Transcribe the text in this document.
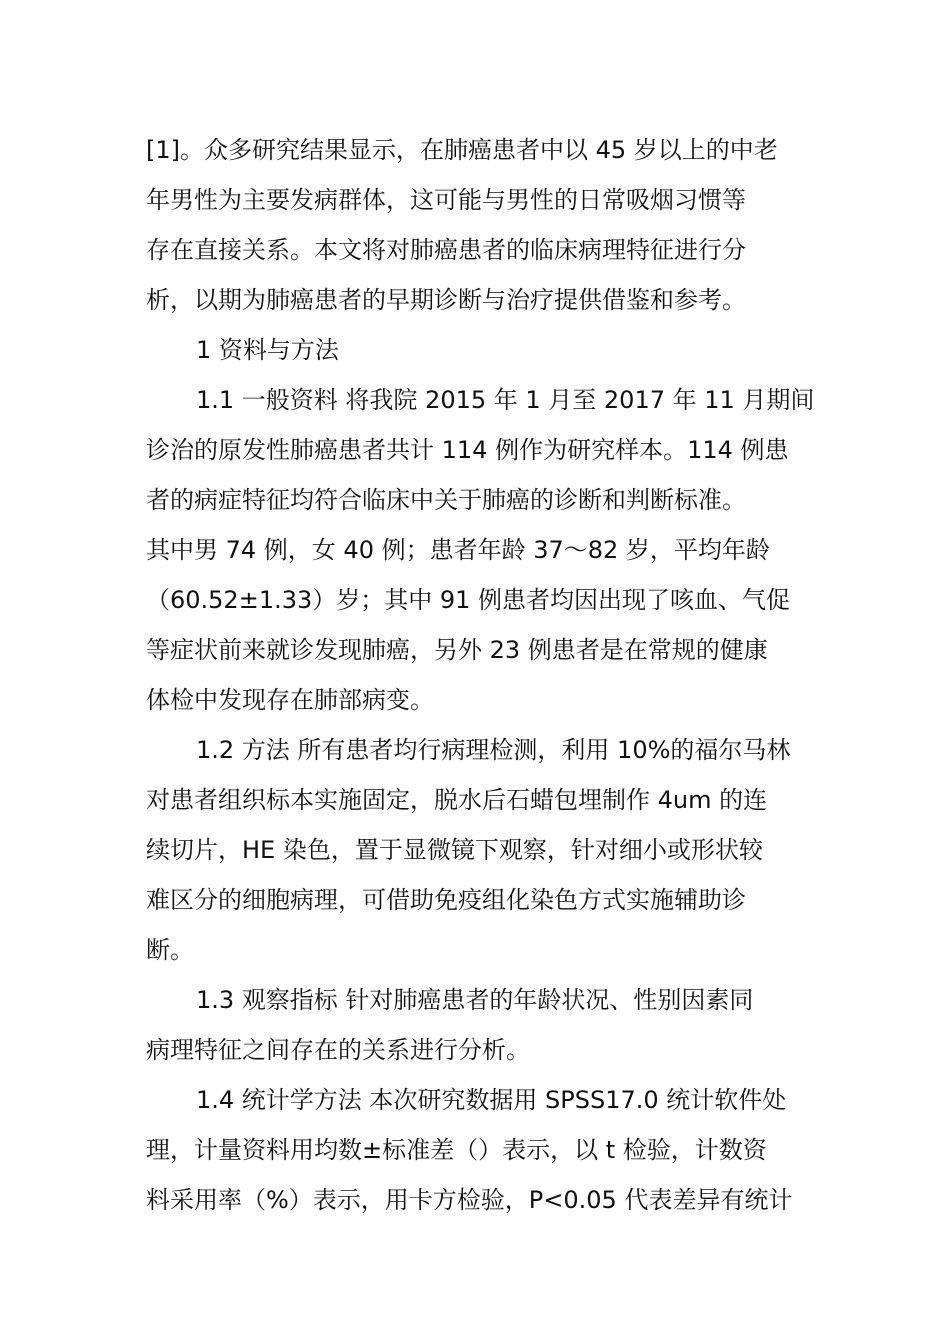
[1]。众多研究结果显示，在肺癌患者中以 45 岁以上的中老
年男性为主要发病群体，这可能与男性的日常吸烟习惯等
存在直接关系。本文将对肺癌患者的临床病理特征进行分
析，以期为肺癌患者的早期诊断与治疗提供借鉴和参考。
1 资料与方法
1.1 一般资料 将我院 2015 年 1 月至 2017 年 11 月期间
诊治的原发性肺癌患者共计 114 例作为研究样本。114 例患
者的病症特征均符合临床中关于肺癌的诊断和判断标准。
其中男 74 例，女 40 例；患者年龄 37～82 岁，平均年龄
（60.52±1.33）岁；其中 91 例患者均因出现了咳血、气促
等症状前来就诊发现肺癌，另外 23 例患者是在常规的健康
体检中发现存在肺部病变。
1.2 方法 所有患者均行病理检测，利用 10%的福尔马林
对患者组织标本实施固定，脱水后石蜡包埋制作 4um 的连
续切片，HE 染色，置于显微镜下观察，针对细小或形状较
难区分的细胞病理，可借助免疫组化染色方式实施辅助诊
断。
1.3 观察指标 针对肺癌患者的年龄状况、性别因素同
病理特征之间存在的关系进行分析。
1.4 统计学方法 本次研究数据用 SPSS17.0 统计软件处
理，计量资料用均数±标准差（）表示，以 t 检验，计数资
料采用率（%）表示，用卡方检验，P<0.05 代表差异有统计
